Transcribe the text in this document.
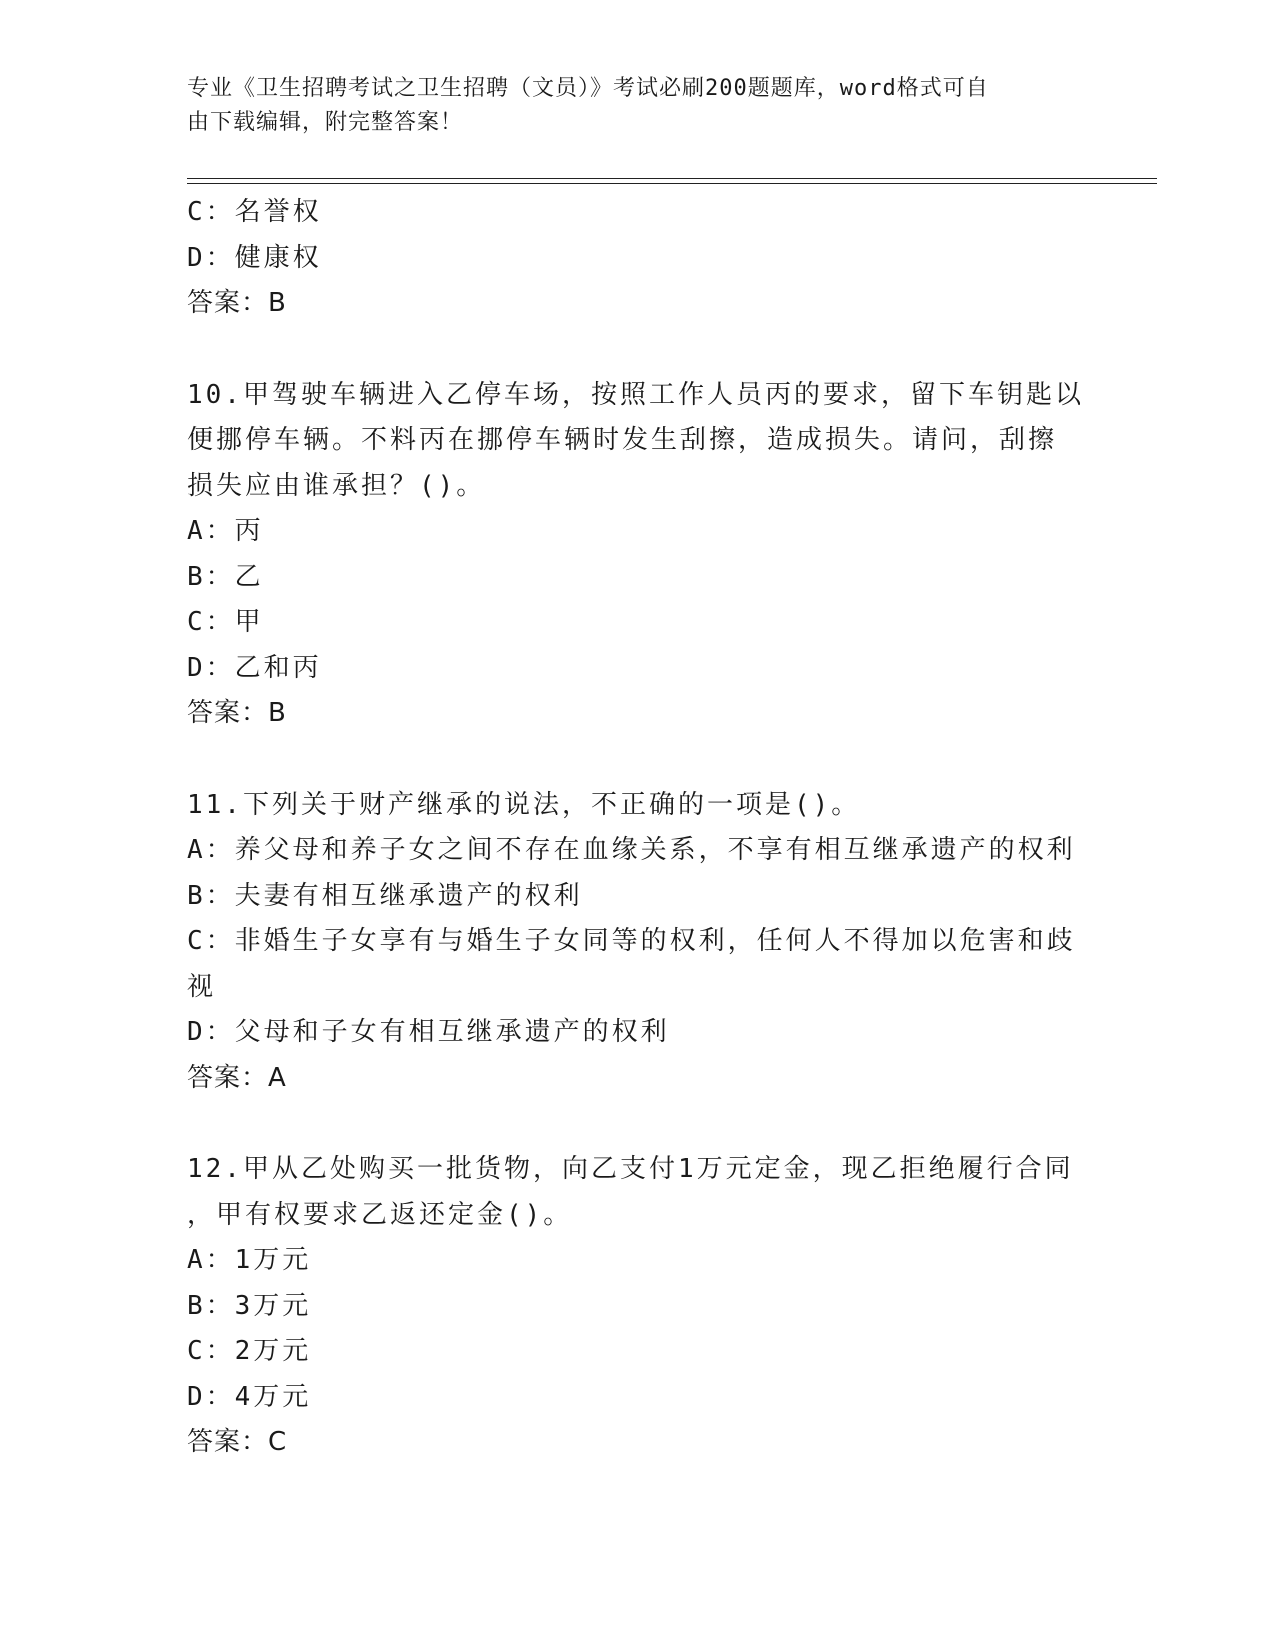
专业《卫生招聘考试之卫生招聘（文员）》考试必刷200题题库，word格式可自
由下载编辑，附完整答案！
C：名誉权
D：健康权
答案：B
10.甲驾驶车辆进入乙停车场，按照工作人员丙的要求，留下车钥匙以
便挪停车辆。不料丙在挪停车辆时发生刮擦，造成损失。请问，刮擦
损失应由谁承担？()。
A：丙
B：乙
C：甲
D：乙和丙
答案：B
11.下列关于财产继承的说法，不正确的一项是()。
A：养父母和养子女之间不存在血缘关系，不享有相互继承遗产的权利
B：夫妻有相互继承遗产的权利
C：非婚生子女享有与婚生子女同等的权利，任何人不得加以危害和歧
视
D：父母和子女有相互继承遗产的权利
答案：A
12.甲从乙处购买一批货物，向乙支付1万元定金，现乙拒绝履行合同
，甲有权要求乙返还定金()。
A：1万元
B：3万元
C：2万元
D：4万元
答案：C
